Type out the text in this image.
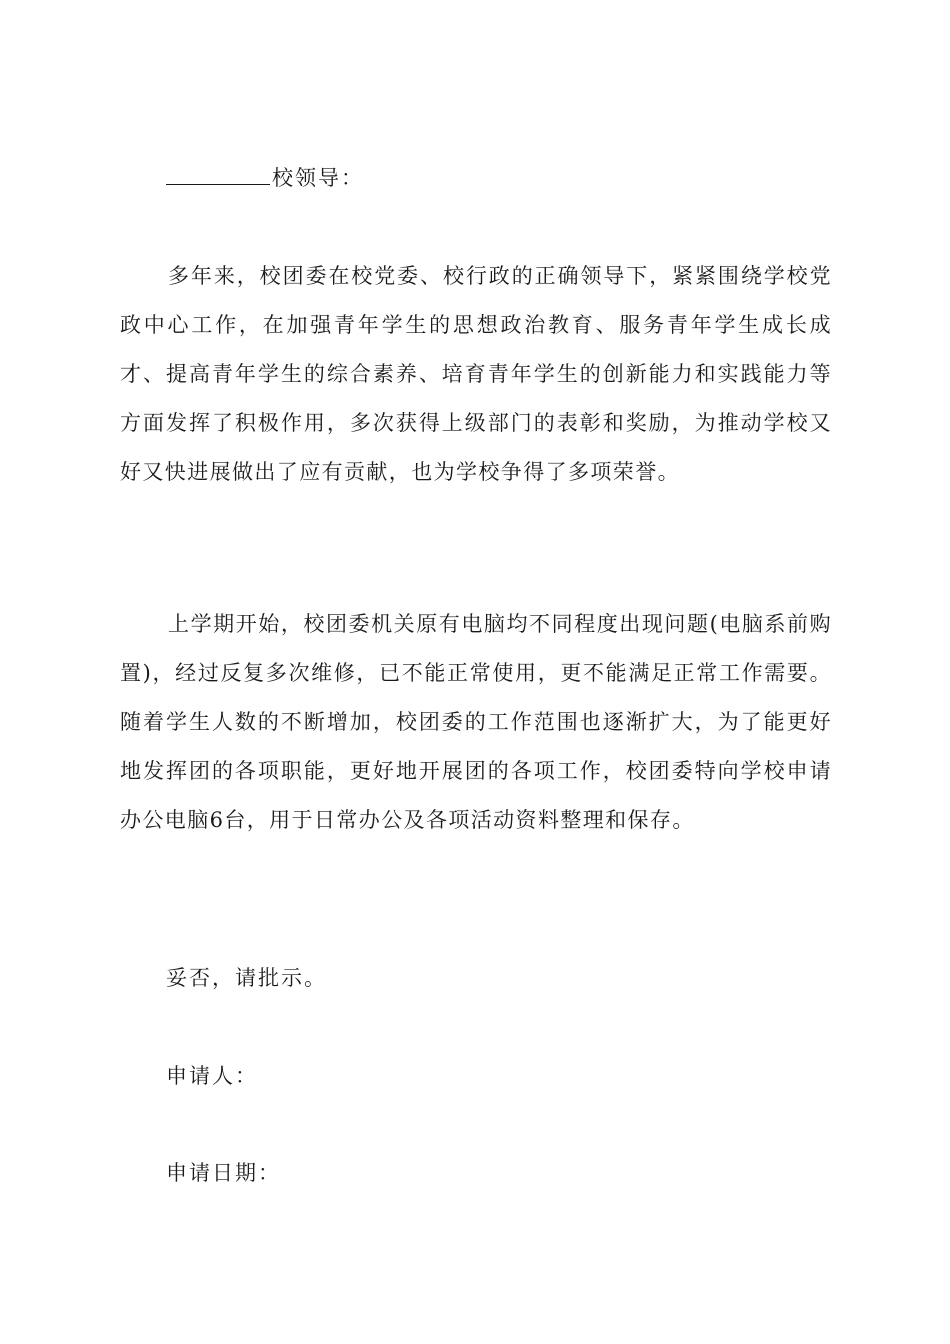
校领导：

多年来，校团委在校党委、校行政的正确领导下，紧紧围绕学校党政中心工作，在加强青年学生的思想政治教育、服务青年学生成长成才、提高青年学生的综合素养、培育青年学生的创新能力和实践能力等方面发挥了积极作用，多次获得上级部门的表彰和奖励，为推动学校又好又快进展做出了应有贡献，也为学校争得了多项荣誉。

上学期开始，校团委机关原有电脑均不同程度出现问题(电脑系前购置)，经过反复多次维修，已不能正常使用，更不能满足正常工作需要。随着学生人数的不断增加，校团委的工作范围也逐渐扩大，为了能更好地发挥团的各项职能，更好地开展团的各项工作，校团委特向学校申请办公电脑6台，用于日常办公及各项活动资料整理和保存。

妥否，请批示。
申请人：
申请日期：
